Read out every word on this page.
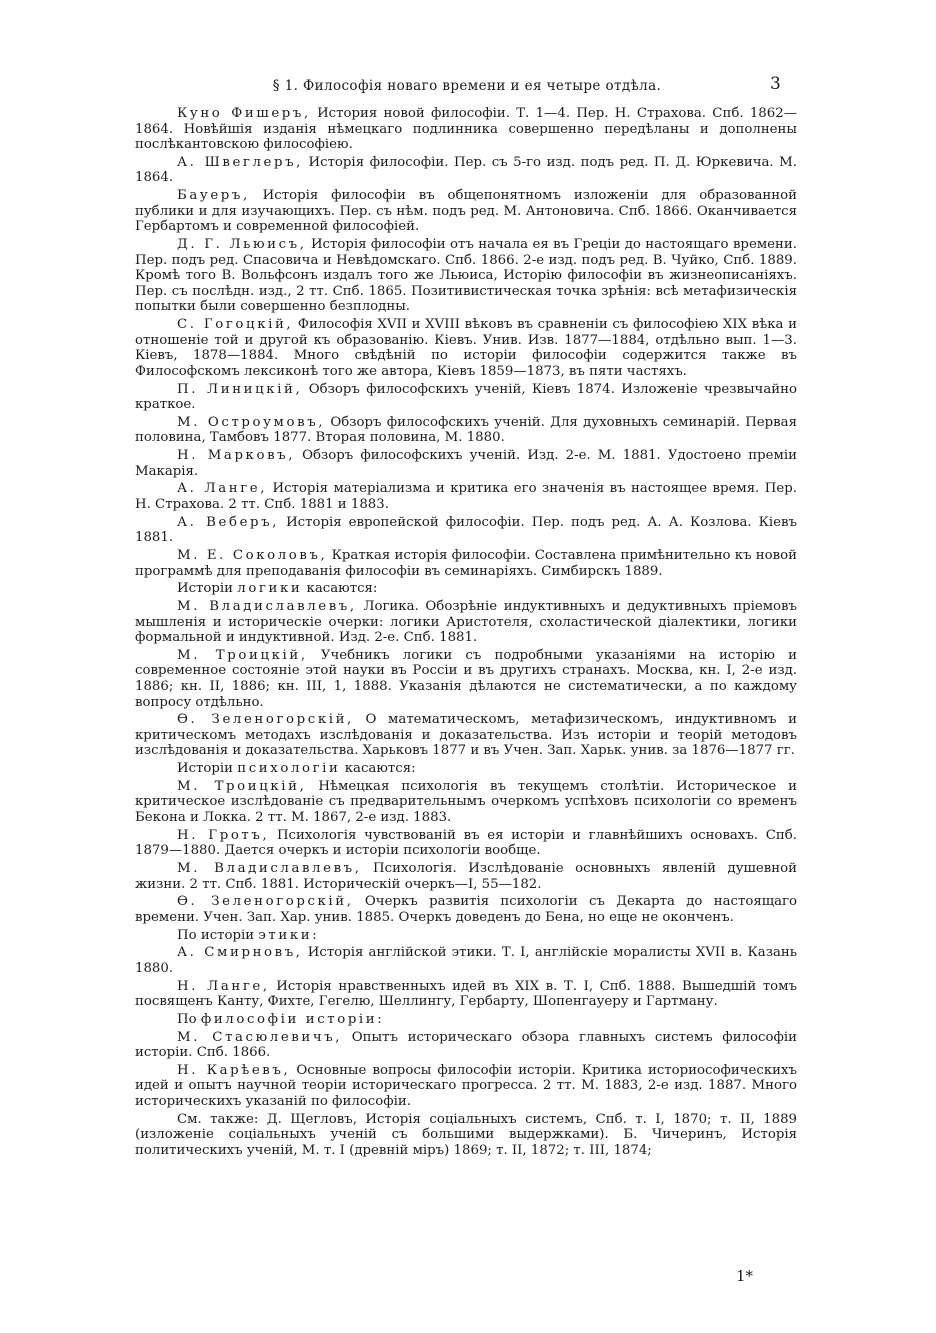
§ 1. Философія новаго времени и ея четыре отдѣла.	3

Куно Фишеръ, История новой философіи. Т. 1—4. Пер. Н. Страхова. Спб. 1862—1864. Новѣйшія изданія нѣмецкаго подлинника совершенно передѣланы и дополнены послѣкантовскою философіею.

А. Швеглеръ, Исторія философіи. Пер. съ 5-го изд. подъ ред. П. Д. Юркевича. М. 1864.

Бауеръ, Исторія философіи въ общепонятномъ изложеніи для образованной публики и для изучающихъ. Пер. съ нѣм. подъ ред. М. Антоновича. Спб. 1866. Оканчивается Гербартомъ и современной философіей.

Д. Г. Льюисъ, Исторія философіи отъ начала ея въ Греціи до настоящаго времени. Пер. подъ ред. Спасовича и Невѣдомскаго. Спб. 1866. 2-е изд. подъ ред. В. Чуйко, Спб. 1889. Кромѣ того В. Вольфсонъ издалъ того же Льюиса, Исторію философіи въ жизнеописаніяхъ. Пер. съ послѣдн. изд., 2 тт. Спб. 1865. Позитивистическая точка зрѣнія: всѣ метафизическія попытки были совершенно безплодны.

С. Гогоцкій, Философія XVII и XVIII вѣковъ въ сравненіи съ философіею XIX вѣка и отношеніе той и другой къ образованію. Кіевъ. Унив. Изв. 1877—1884, отдѣльно вып. 1—3. Кіевъ, 1878—1884. Много свѣдѣній по исторіи философіи содержится также въ Философскомъ лексиконѣ того же автора, Кіевъ 1859—1873, въ пяти частяхъ.

П. Линицкій, Обзоръ философскихъ ученій, Кіевъ 1874. Изложеніе чрезвычайно краткое.

М. Остроумовъ, Обзоръ философскихъ ученій. Для духовныхъ семинарій. Первая половина, Тамбовъ 1877. Вторая половина, М. 1880.

Н. Марковъ, Обзоръ философскихъ ученій. Изд. 2-е. М. 1881. Удостоено преміи Макарія.

А. Ланге, Исторія матеріализма и критика его значенія въ настоящее время. Пер. Н. Страхова. 2 тт. Спб. 1881 и 1883.

А. Веберъ, Исторія европейской философіи. Пер. подъ ред. А. А. Козлова. Кіевъ 1881.

М. Е. Соколовъ, Краткая исторія философіи. Составлена примѣнительно къ новой программѣ для преподаванія философіи въ семинаріяхъ. Симбирскъ 1889.

Исторіи логики касаются:

М. Владиславлевъ, Логика. Обозрѣніе индуктивныхъ и дедуктивныхъ пріемовъ мышленія и историческіе очерки: логики Аристотеля, схоластической діалектики, логики формальной и индуктивной. Изд. 2-е. Спб. 1881.

М. Троицкій, Учебникъ логики съ подробными указаніями на исторію и современное состояніе этой науки въ Россіи и въ другихъ странахъ. Москва, кн. I, 2-е изд. 1886; кн. II, 1886; кн. III, 1, 1888. Указанія дѣлаются не систематически, а по каждому вопросу отдѣльно.

Ѳ. Зеленогорскій, О математическомъ, метафизическомъ, индуктивномъ и критическомъ методахъ изслѣдованія и доказательства. Изъ исторіи и теорій методовъ изслѣдованія и доказательства. Харьковъ 1877 и въ Учен. Зап. Харьк. унив. за 1876—1877 гг.

Исторіи психологіи касаются:

М. Троицкій, Нѣмецкая психологія въ текущемъ столѣтіи. Историческое и критическое изслѣдованіе съ предварительнымъ очеркомъ успѣховъ психологіи со временъ Бекона и Локка. 2 тт. М. 1867, 2-е изд. 1883.

Н. Гротъ, Психологія чувствованій въ ея исторіи и главнѣйшихъ основахъ. Спб. 1879—1880. Дается очеркъ и исторіи психологіи вообще.

М. Владиславлевъ, Психологія. Изслѣдованіе основныхъ явленій душевной жизни. 2 тт. Спб. 1881. Историческій очеркъ—I, 55—182.

Ѳ. Зеленогорскій, Очеркъ развитія психологіи съ Декарта до настоящаго времени. Учен. Зап. Хар. унив. 1885. Очеркъ доведенъ до Бена, но еще не оконченъ.

По исторіи этики:

А. Смирновъ, Исторія англійской этики. Т. I, англійскіе моралисты XVII в. Казань 1880.

Н. Ланге, Исторія нравственныхъ идей въ XIX в. Т. I, Спб. 1888. Вышедшій томъ посвященъ Канту, Фихте, Гегелю, Шеллингу, Гербарту, Шопенгауеру и Гартману.

По философіи исторіи:

М. Стасюлевичъ, Опытъ историческаго обзора главныхъ системъ философіи исторіи. Спб. 1866.

Н. Карѣевъ, Основные вопросы философіи исторіи. Критика историософическихъ идей и опытъ научной теоріи историческаго прогресса. 2 тт. М. 1883, 2-е изд. 1887. Много историческихъ указаній по философіи.

См. также: Д. Щегловъ, Исторія соціальныхъ системъ, Спб. т. I, 1870; т. II, 1889 (изложеніе соціальныхъ ученій съ большими выдержками). Б. Чичеринъ, Исторія политическихъ ученій, М. т. I (древній міръ) 1869; т. II, 1872; т. III, 1874;

1*
